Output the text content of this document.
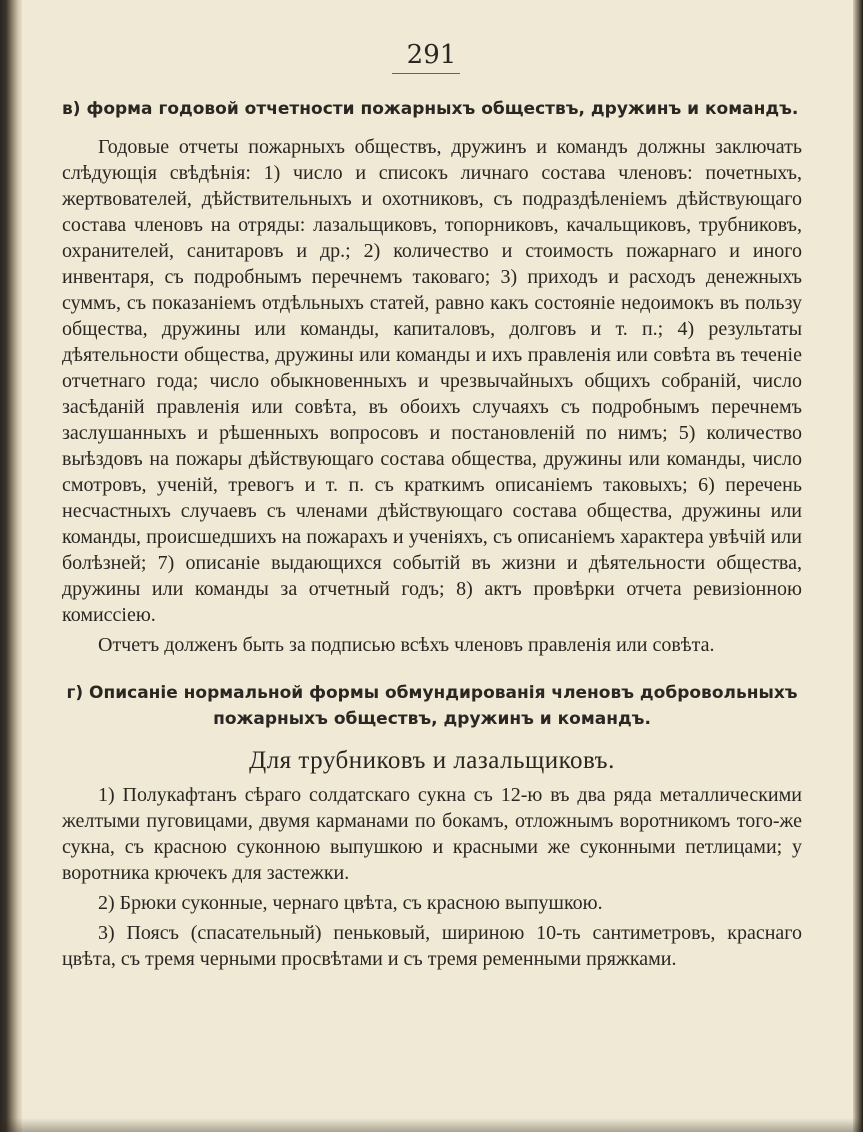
291

в) форма годовой отчетности пожарныхъ обществъ, дружинъ и командъ.

Годовые отчеты пожарныхъ обществъ, дружинъ и командъ должны заключать слѣдующія свѣдѣнія: 1) число и списокъ личнаго состава членовъ: почетныхъ, жертвователей, дѣйствительныхъ и охотниковъ, съ подраздѣленіемъ дѣйствующаго состава членовъ на отряды: лазальщиковъ, топорниковъ, качальщиковъ, трубниковъ, охранителей, санитаровъ и др.; 2) количество и стоимость пожарнаго и иного инвентаря, съ подробнымъ перечнемъ таковаго; 3) приходъ и расходъ денежныхъ суммъ, съ показаніемъ отдѣльныхъ статей, равно какъ состояніе недоимокъ въ пользу общества, дружины или команды, капиталовъ, долговъ и т. п.; 4) результаты дѣятельности общества, дружины или команды и ихъ правленія или совѣта въ теченіе отчетнаго года; число обыкновенныхъ и чрезвычайныхъ общихъ собраній, число засѣданій правленія или совѣта, въ обоихъ случаяхъ съ подробнымъ перечнемъ заслушанныхъ и рѣшенныхъ вопросовъ и постановленій по нимъ; 5) количество выѣздовъ на пожары дѣйствующаго состава общества, дружины или команды, число смотровъ, ученій, тревогъ и т. п. съ краткимъ описаніемъ таковыхъ; 6) перечень несчастныхъ случаевъ съ членами дѣйствующаго состава общества, дружины или команды, происшедшихъ на пожарахъ и ученіяхъ, съ описаніемъ характера увѣчій или болѣзней; 7) описаніе выдающихся событій въ жизни и дѣятельности общества, дружины или команды за отчетный годъ; 8) актъ провѣрки отчета ревизіонною комиссіею.

Отчетъ долженъ быть за подписью всѣхъ членовъ правленія или совѣта.

г) Описаніе нормальной формы обмундированія членовъ добровольныхъ

пожарныхъ обществъ, дружинъ и командъ.

Для трубниковъ и лазальщиковъ.

1) Полукафтанъ сѣраго солдатскаго сукна съ 12-ю въ два ряда металлическими желтыми пуговицами, двумя карманами по бокамъ, отложнымъ воротникомъ того-же сукна, съ красною суконною выпушкою и красными же суконными петлицами; у воротника крючекъ для застежки.

2) Брюки суконные, чернаго цвѣта, съ красною выпушкою.

3) Поясъ (спасательный) пеньковый, шириною 10-ть сантиметровъ, краснаго цвѣта, съ тремя черными просвѣтами и съ тремя ременными пряжками.
